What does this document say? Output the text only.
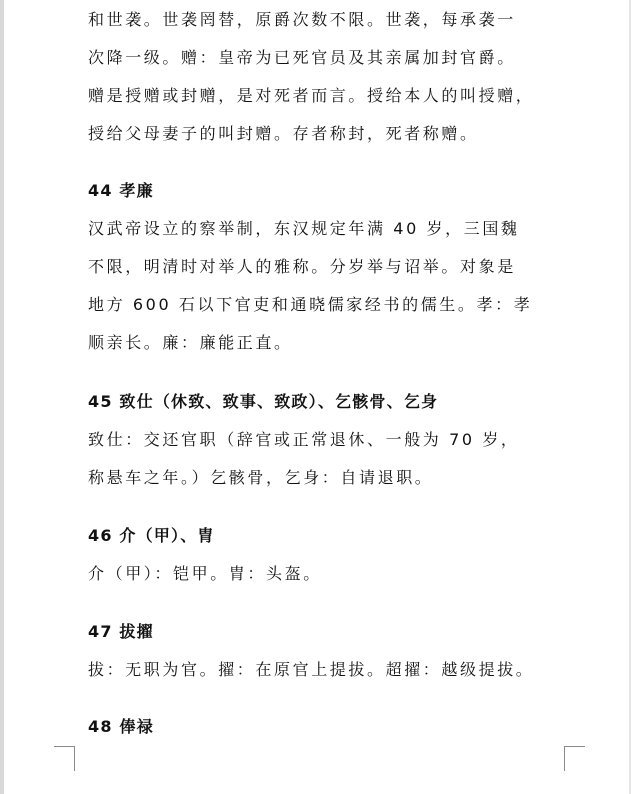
和世袭。世袭罔替，原爵次数不限。世袭，每承袭一
次降一级。赠：皇帝为已死官员及其亲属加封官爵。
赠是授赠或封赠，是对死者而言。授给本人的叫授赠，
授给父母妻子的叫封赠。存者称封，死者称赠。
44 孝廉
汉武帝设立的察举制，东汉规定年满 40 岁，三国魏
不限，明清时对举人的雅称。分岁举与诏举。对象是
地方 600 石以下官吏和通晓儒家经书的儒生。孝：孝
顺亲长。廉：廉能正直。
45 致仕（休致、致事、致政）、乞骸骨、乞身
致仕：交还官职（辞官或正常退休、一般为 70 岁，
称悬车之年。）乞骸骨，乞身：自请退职。
46 介（甲）、胄
介（甲）：铠甲。胄：头盔。
47 拔擢
拔：无职为官。擢：在原官上提拔。超擢：越级提拔。
48 俸禄
